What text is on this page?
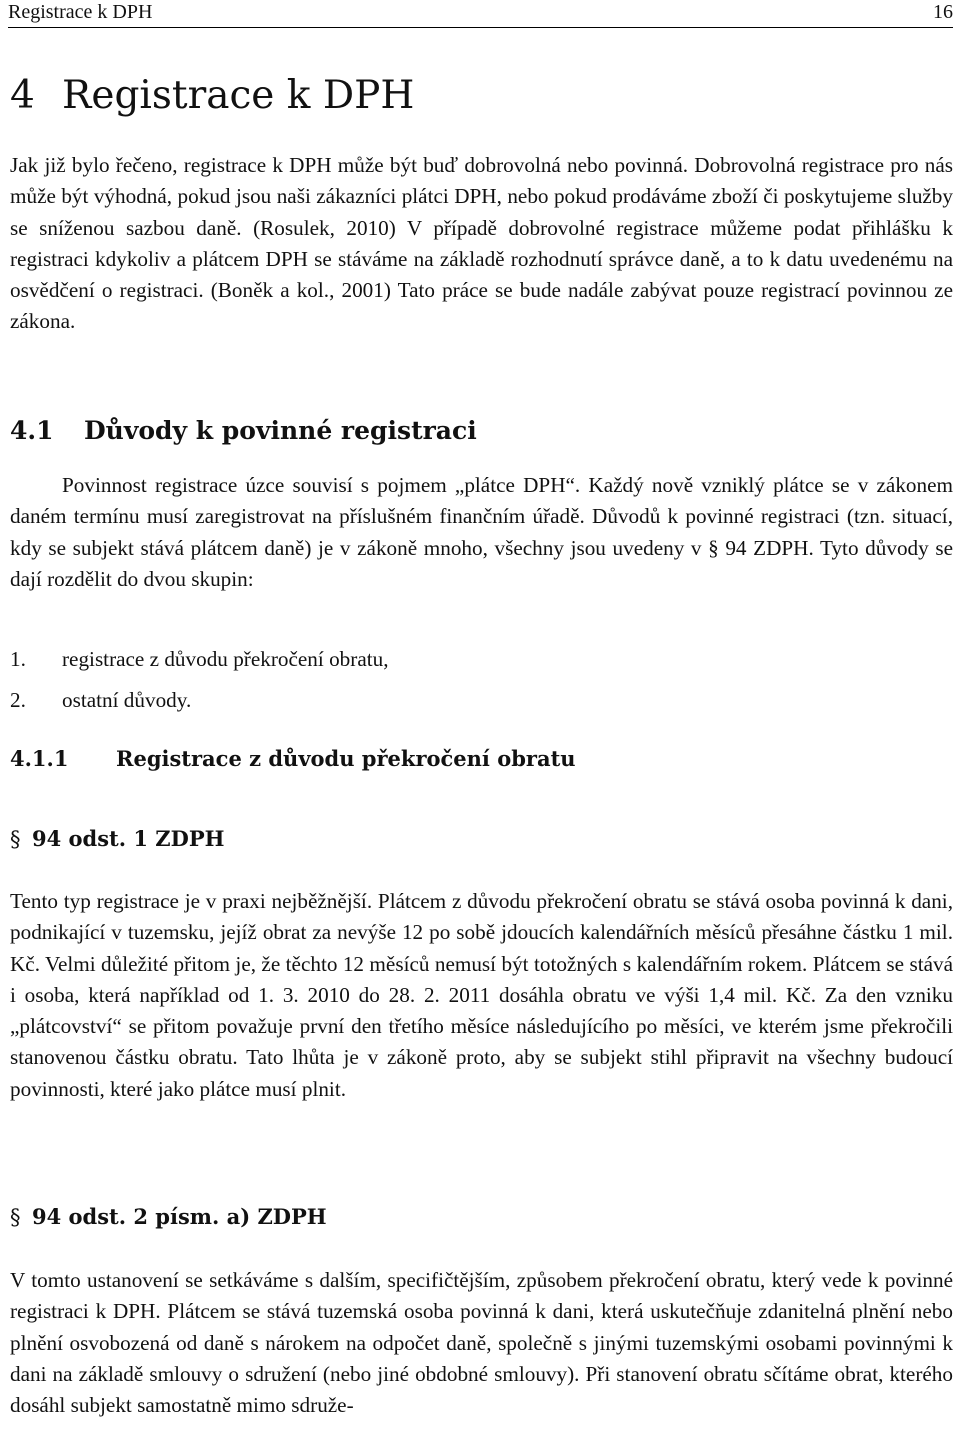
Registrace k DPH	16
4 Registrace k DPH

Jak již bylo řečeno, registrace k DPH může být buď dobrovolná nebo povinná. Dobrovolná registrace pro nás může být výhodná, pokud jsou naši zákazníci plátci DPH, nebo pokud prodáváme zboží či poskytujeme služby se sníženou sazbou daně. (Rosulek, 2010) V případě dobrovolné registrace můžeme podat přihlášku k registraci kdykoliv a plátcem DPH se stáváme na základě rozhodnutí správce daně, a to k datu uvedenému na osvědčení o registraci. (Boněk a kol., 2001) Tato práce se bude nadále zabývat pouze registrací povinnou ze zákona.

4.1 Důvody k povinné registraci

Povinnost registrace úzce souvisí s pojmem „plátce DPH“. Každý nově vzniklý plátce se v zákonem daném termínu musí zaregistrovat na příslušném finančním úřadě. Důvodů k povinné registraci (tzn. situací, kdy se subjekt stává plátcem daně) je v zákoně mnoho, všechny jsou uvedeny v § 94 ZDPH. Tyto důvody se dají rozdělit do dvou skupin:

1. registrace z důvodu překročení obratu,
2. ostatní důvody.
4.1.1 Registrace z důvodu překročení obratu
§ 94 odst. 1 ZDPH

Tento typ registrace je v praxi nejběžnější. Plátcem z důvodu překročení obratu se stává osoba povinná k dani, podnikající v tuzemsku, jejíž obrat za nevýše 12 po sobě jdoucích kalendářních měsíců přesáhne částku 1 mil. Kč. Velmi důležité přitom je, že těchto 12 měsíců nemusí být totožných s kalendářním rokem. Plátcem se stává i osoba, která například od 1. 3. 2010 do 28. 2. 2011 dosáhla obratu ve výši 1,4 mil. Kč. Za den vzniku „plátcovství“ se přitom považuje první den třetího měsíce následujícího po měsíci, ve kterém jsme překročili stanovenou částku obratu. Tato lhůta je v zákoně proto, aby se subjekt stihl připravit na všechny budoucí povinnosti, které jako plátce musí plnit.

§ 94 odst. 2 písm. a) ZDPH

V tomto ustanovení se setkáváme s dalším, specifičtějším, způsobem překročení obratu, který vede k povinné registraci k DPH. Plátcem se stává tuzemská osoba povinná k dani, která uskutečňuje zdanitelná plnění nebo plnění osvobozená od daně s nárokem na odpočet daně, společně s jinými tuzemskými osobami povinnými k dani na základě smlouvy o sdružení (nebo jiné obdobné smlouvy). Při stanovení obratu sčítáme obrat, kterého dosáhl subjekt samostatně mimo sdruže-
